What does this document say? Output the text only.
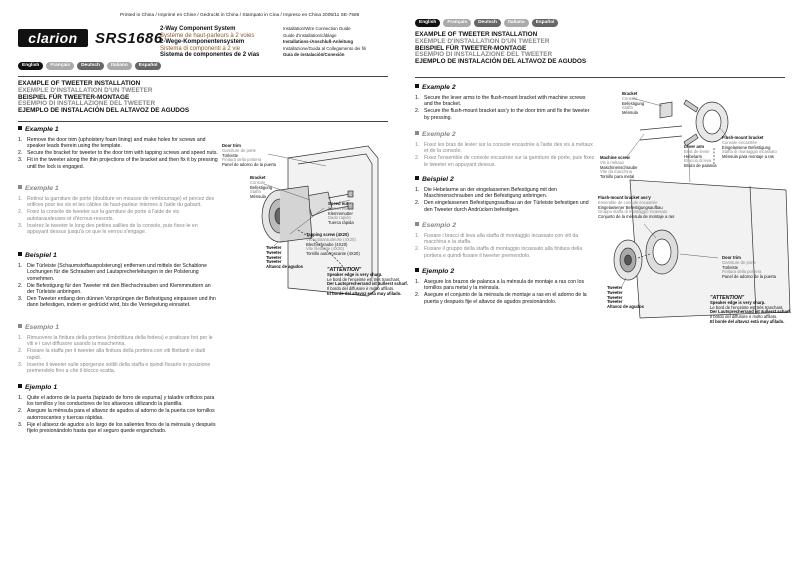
Printed in China / Imprimé en Chine / Gedruckt in China / Stampato in Cina / Impreso en China 2005/11 SE-7586
clarion	SRS1686
2-Way Component System
Système de haut-parleurs à 2 voies
2-Wege-Komponentensystem
Sistema di componenti a 2 vie
Sistema de componentes de 2 vías
Installation/Wire Connection Guide
Guide d'installation/câblage
Installations-/Anschluß-Anleitung
Installazione/Guida al Collegamento dei fili
Guía de instalación/Conexión
English	Français	Deutsch	Italiano	Español
EXAMPLE OF TWEETER INSTALLATION
EXEMPLE D'INSTALLATION D'UN TWEETER
BEISPIEL FÜR TWEETER-MONTAGE
ESEMPIO DI INSTALLAZIONE DEL TWEETER
EJEMPLO DE INSTALACIÓN DEL ALTAVOZ DE AGUDOS
Example 1
1. Remove the door trim (upholstery foam lining) and make holes for screws and speaker leads therein using the template.
2. Secure the bracket for tweeter to the door trim with tapping screws and speed nuts.
3. Fit in the tweeter along the thin projections of the bracket and then fix it by pressing until the lock is engaged.
Exemple 1
1. Retirez la garniture de porte (doublure en mousse de rembourrage) et percez des orifices pour les vis et les câbles de haut-parleur internes à l'aide du gabarit.
2. Fixez la console de tweeter sur la garniture de porte à l'aide de vis autotaraudeuses et d'écrous-ressorts.
3. Insérez le tweeter le long des petites saillies de la console, puis fixez-le en appuyant dessus jusqu'à ce que le verrou s'engage.
Beispiel 1
1. Die Türleiste (Schaumstoffauspolsterung) entfernen und mittels der Schablone Lochungen für die Schrauben und Lautsprecherleitungen in der Polsterung vornehmen.
2. Die Befestigung für den Tweeter mit den Blechschrauben und Klemmmuttern an der Türleiste anbringen.
3. Den Tweeter entlang den dünnen Vorsprüngen der Befestigung einpassen und ihn dann befestigen, indem er gedrückt wird, bis die Verriegelung einrastet.
Esempio 1
1. Rimuovere la finitura della portiera (imbottitura della fodera) e praticare fori per le viti e i cavi diffusore usando la mascherina.
2. Fissare la staffa per il tweeter alla finitura della portiera con viti filettanti e dadi rapidi.
3. Inserire il tweeter sulle sporgenze sottili della staffa e quindi fissarlo in posizione premendolo fino a che il blocco scatta.
Ejemplo 1
1. Quite el adorno de la puerta (tapizado de forro de espuma) y taladre orificios para los tornillos y los conductores de los altavoces utilizando la plantilla.
2. Asegure la ménsula para el altavoz de agudos al adorno de la puerta con tornillos autorroscantes y tuercas rápidas.
3. Fije el altavoz de agudos a lo largo de los salientes finos de la ménsula y después fíjelo presionándolo hasta que el seguro quede enganchado.
Door trim
Garniture de porte
Türleiste
Finitura della portiera
Panel de adorno de la puerta
Bracket
Console
Befestigung
Staffa
Ménsula
Speed nut
Écrou-ressort
Klemmmutter
Dado rapido
Tuerca rápida
Tapping screw (4X20)
Vis autotaraudeuse (4X20)
Blechschraube (4X20)
Vite filettante (4X20)
Tornillo autorroscante (4X20)
Tweeter
Tweeter
Tweeter
Tweeter
Altavoz de agudos
"ATTENTION"
Speaker edge is very sharp.
Le bord de l'enceinte est très tranchant.
Der Lautsprecherrand ist äußerst scharf.
Il bordo del diffusore è molto affilato.
El borde del altavoz está muy afilado.
English	Français	Deutsch	Italiano	Español
EXAMPLE OF TWEETER INSTALLATION
EXEMPLE D'INSTALLATION D'UN TWEETER
BEISPIEL FÜR TWEETER-MONTAGE
ESEMPIO DI INSTALLAZIONE DEL TWEETER
EJEMPLO DE INSTALACIÓN DEL ALTAVOZ DE AGUDOS
Example 2
1. Secure the lever arms to the flush-mount bracket with machine screws and the bracket.
2. Secure the flush-mount bracket ass'y to the door trim and fix the tweeter by pressing.
Exemple 2
1. Fixez les bras de levier sur la console encastrée à l'aide des vis à métaux et de la console.
2. Fixez l'ensemble de console encastrée sur la garniture de porte, puis fixez le tweeter en appuyant dessus.
Beispiel 2
1. Die Hebelarme an der eingelassenen Befestigung mit den Maschinenschrauben und der Befestigung anbringen.
2. Den eingelassenen Befestigungsaufbau an der Türleiste befestigen und den Tweeter durch Andrücken befestigen.
Esempio 2
1. Fissare i bracci di leva alla staffa di montaggio incassato con viti da macchina e la staffa.
2. Fissare il gruppo della staffa di montaggio incassato alla finitura della portiera e quindi fissare il tweeter premendolo.
Ejemplo 2
1. Asegure los brazos de palanca a la ménsula de montaje a ras con los tornillos para metal y la ménsula.
2. Asegure el conjunto de la ménsula de montaje a ras en el adorno de la puerta y después fije el altavoz de agudos presionándolo.
Bracket
Console
Befestigung
Staffa
Ménsula
Machine screw
Vis à métaux
Maschinenschraube
Vite da macchina
Tornillo para metal
Lever arm
Bras de levier
Hebelarm
Braccio di leva
Brazo de palanca
Flush-mount bracket
Console encastrée
Eingelassene Befestigung
Staffa di montaggio incassato
Ménsula para montaje a ras
Flush-mount bracket ass'y
Ensemble de console encastrée
Eingelassener Befestigungsaufbau
Gruppo staffa di montaggio incassato
Conjunto de la ménsula de montaje a ras
Door trim
Garniture de porte
Türleiste
Finitura della portiera
Panel de adorno de la puerta
Tweeter
Tweeter
Tweeter
Tweeter
Altavoz de agudos
"ATTENTION"
Speaker edge is very sharp.
Le bord de l'enceinte est très tranchant.
Der Lautsprecherrand ist äußerst scharf.
Il bordo del diffusore è molto affilato.
El borde del altavoz está muy afilado.
